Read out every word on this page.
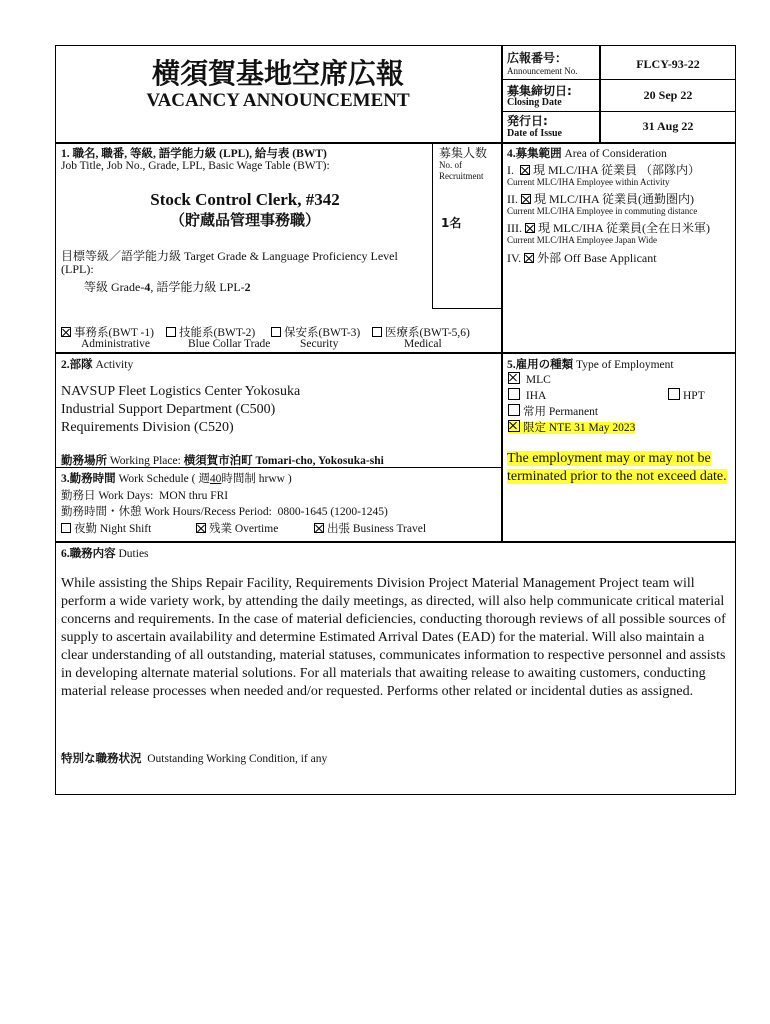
横須賀基地空席広報
VACANCY ANNOUNCEMENT
広報番号：
Announcement No.	FLCY-93-22
募集締切日:
Closing Date
20 Sep 22
発行日:
Date of Issue
31 Aug 22
1. 職名, 職番, 等級, 語学能力級 (LPL), 給与表 (BWT)
Job Title, Job No., Grade, LPL, Basic Wage Table (BWT):
Stock Control Clerk, #342
（貯蔵品管理事務職）
目標等級／語学能力級 Target Grade & Language Proficiency Level
(LPL):
等級 Grade-4, 語学能力級 LPL-2
募集人数
No. of
Recruitment
1名
事務系(BWT -1)
Administrative
技能系(BWT-2)
Blue Collar Trade
保安系(BWT-3)
Security
医療系(BWT-5,6)
Medical
4.募集範囲 Area of Consideration
I. 現 MLC/IHA 従業員 （部隊内）
Current MLC/IHA Employee within Activity
II. 現 MLC/IHA 従業員(通勤圏内)
Current MLC/IHA Employee in commuting distance
III. 現 MLC/IHA 従業員(全在日米軍)
Current MLC/IHA Employee Japan Wide
IV. 外部 Off Base Applicant
2.部隊 Activity
NAVSUP Fleet Logistics Center Yokosuka
Industrial Support Department (C500)
Requirements Division (C520)
勤務場所 Working Place: 横須賀市泊町 Tomari-cho, Yokosuka-shi
3.勤務時間 Work Schedule ( 週40時間制 hrww )
勤務日 Work Days: MON thru FRI
勤務時間・休憩 Work Hours/Recess Period: 0800-1645 (1200-1245)
夜勤 Night Shift	残業 Overtime	出張 Business Travel
5.雇用の種類 Type of Employment
MLC
IHA	HPT
常用 Permanent
限定 NTE 31 May 2023
The employment may or may not be terminated prior to the not exceed date.
6.職務内容 Duties
While assisting the Ships Repair Facility, Requirements Division Project Material Management Project team will perform a wide variety work, by attending the daily meetings, as directed, will also help communicate critical material concerns and requirements. In the case of material deficiencies, conducting thorough reviews of all possible sources of supply to ascertain availability and determine Estimated Arrival Dates (EAD) for the material. Will also maintain a clear understanding of all outstanding, material statuses, communicates information to respective personnel and assists in developing alternate material solutions. For all materials that awaiting release to awaiting customers, conducting material release processes when needed and/or requested. Performs other related or incidental duties as assigned.
特別な職務状況 Outstanding Working Condition, if any
